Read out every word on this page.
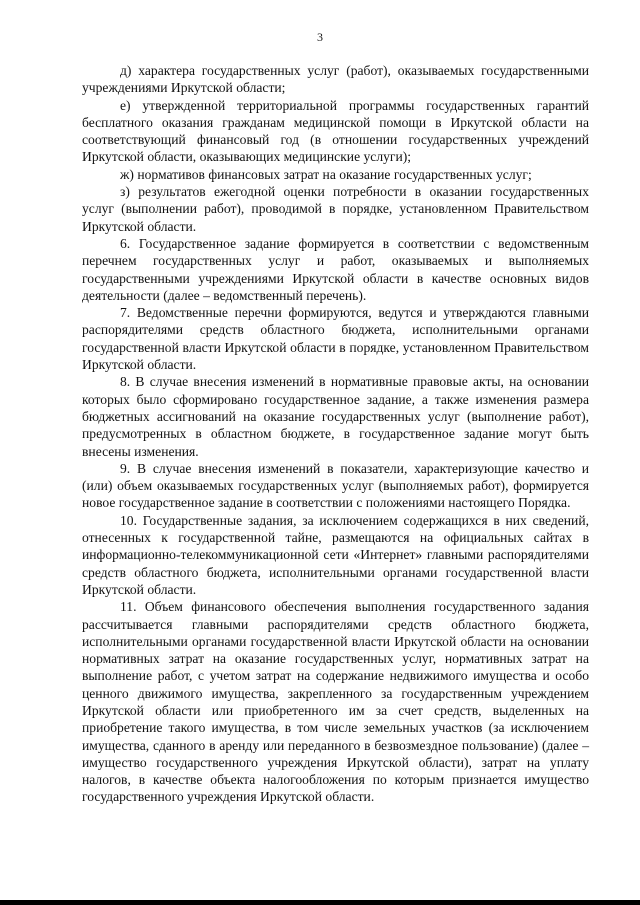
3

д) характера государственных услуг (работ), оказываемых государственными учреждениями Иркутской области;

е) утвержденной территориальной программы государственных гарантий бесплатного оказания гражданам медицинской помощи в Иркутской области на соответствующий финансовый год (в отношении государственных учреждений Иркутской области, оказывающих медицинские услуги);

ж) нормативов финансовых затрат на оказание государственных услуг;

з) результатов ежегодной оценки потребности в оказании государственных услуг (выполнении работ), проводимой в порядке, установленном Правительством Иркутской области.

6. Государственное задание формируется в соответствии с ведомственным перечнем государственных услуг и работ, оказываемых и выполняемых государственными учреждениями Иркутской области в качестве основных видов деятельности (далее – ведомственный перечень).

7. Ведомственные перечни формируются, ведутся и утверждаются главными распорядителями средств областного бюджета, исполнительными органами государственной власти Иркутской области в порядке, установленном Правительством Иркутской области.

8. В случае внесения изменений в нормативные правовые акты, на основании которых было сформировано государственное задание, а также изменения размера бюджетных ассигнований на оказание государственных услуг (выполнение работ), предусмотренных в областном бюджете, в государственное задание могут быть внесены изменения.

9. В случае внесения изменений в показатели, характеризующие качество и (или) объем оказываемых государственных услуг (выполняемых работ), формируется новое государственное задание в соответствии с положениями настоящего Порядка.

10. Государственные задания, за исключением содержащихся в них сведений, отнесенных к государственной тайне, размещаются на официальных сайтах в информационно-телекоммуникационной сети «Интернет» главными распорядителями средств областного бюджета, исполнительными органами государственной власти Иркутской области.

11. Объем финансового обеспечения выполнения государственного задания рассчитывается главными распорядителями средств областного бюджета, исполнительными органами государственной власти Иркутской области на основании нормативных затрат на оказание государственных услуг, нормативных затрат на выполнение работ, с учетом затрат на содержание недвижимого имущества и особо ценного движимого имущества, закрепленного за государственным учреждением Иркутской области или приобретенного им за счет средств, выделенных на приобретение такого имущества, в том числе земельных участков (за исключением имущества, сданного в аренду или переданного в безвозмездное пользование) (далее – имущество государственного учреждения Иркутской области), затрат на уплату налогов, в качестве объекта налогообложения по которым признается имущество государственного учреждения Иркутской области.
